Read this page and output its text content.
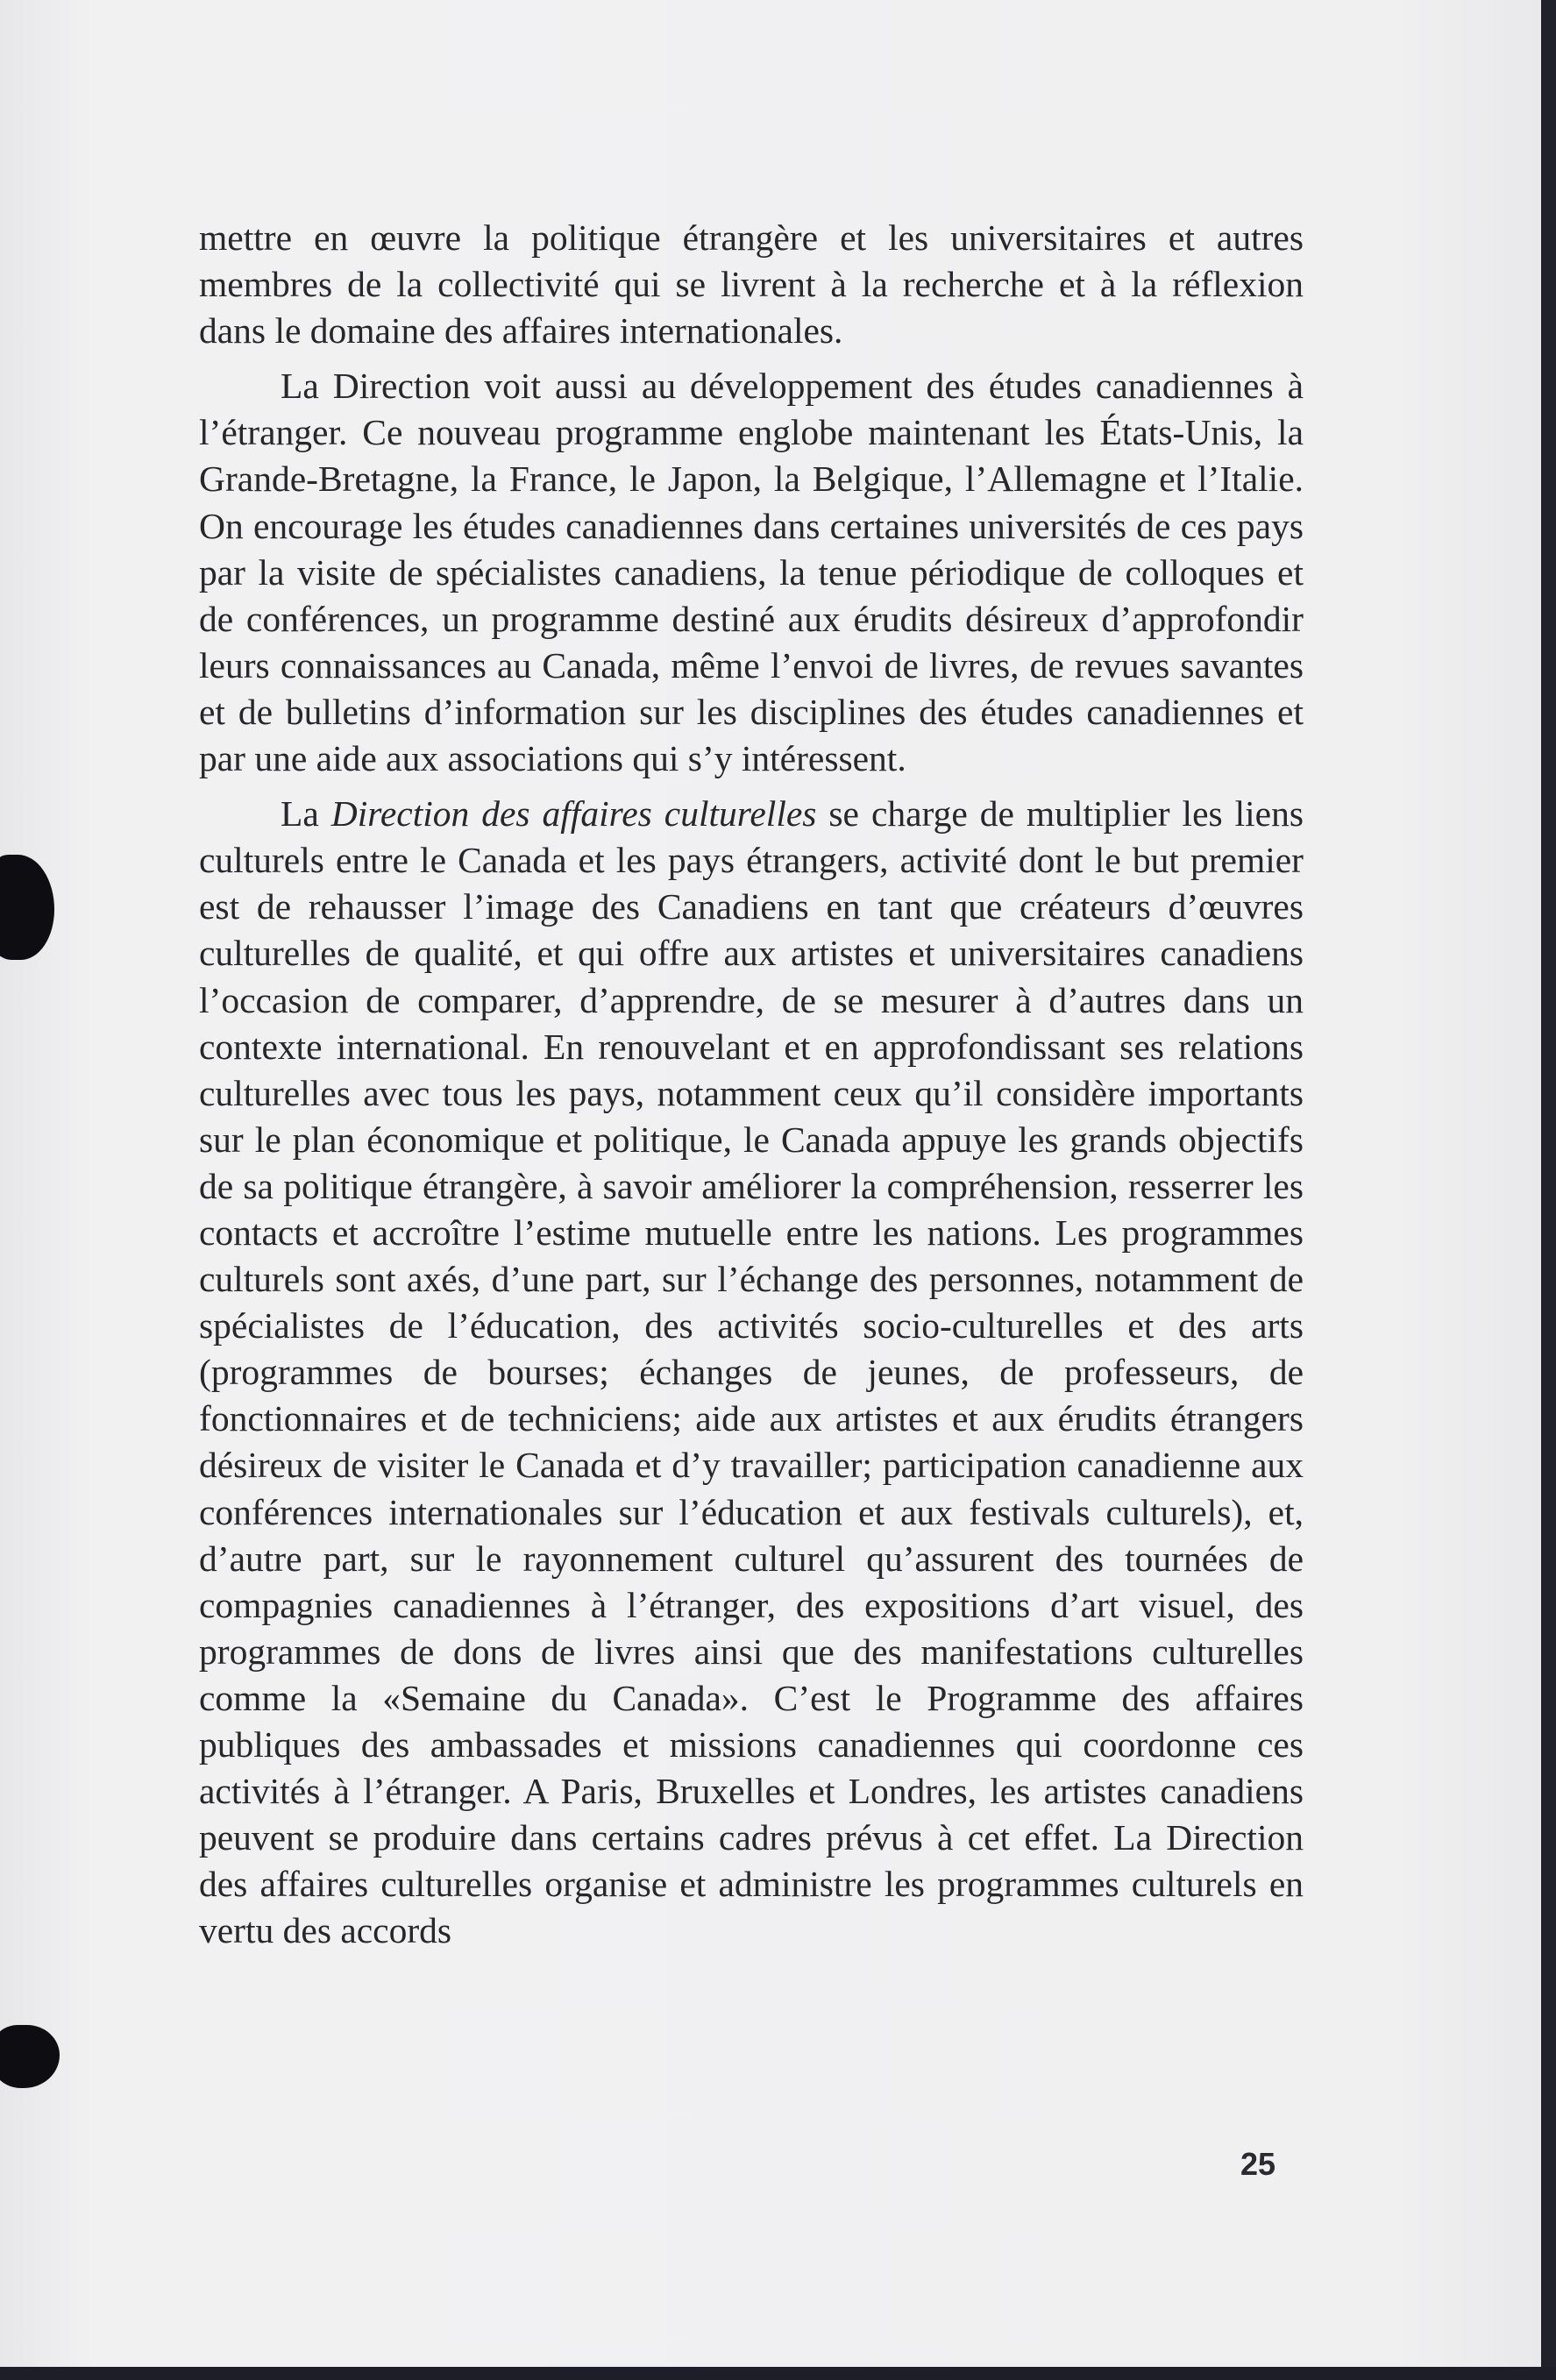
mettre en œuvre la politique étrangère et les universitaires et autres membres de la collectivité qui se livrent à la recherche et à la réflexion dans le domaine des affaires internationales.

La Direction voit aussi au développement des études canadiennes à l’étranger. Ce nouveau programme englobe maintenant les États-Unis, la Grande-Bretagne, la France, le Japon, la Belgique, l’Allemagne et l’Italie. On encourage les études canadiennes dans certaines universités de ces pays par la visite de spécialistes canadiens, la tenue périodique de colloques et de conférences, un programme destiné aux érudits désireux d’approfondir leurs connaissances au Canada, même l’envoi de livres, de revues savantes et de bulletins d’information sur les disciplines des études canadiennes et par une aide aux associations qui s’y intéressent.

La Direction des affaires culturelles se charge de multiplier les liens culturels entre le Canada et les pays étrangers, activité dont le but premier est de rehausser l’image des Canadiens en tant que créateurs d’œuvres culturelles de qualité, et qui offre aux artistes et universitaires canadiens l’occasion de comparer, d’apprendre, de se mesurer à d’autres dans un contexte international. En renouvelant et en approfondissant ses relations culturelles avec tous les pays, notamment ceux qu’il considère importants sur le plan économique et politique, le Canada appuye les grands objectifs de sa politique étrangère, à savoir améliorer la compréhension, resserrer les contacts et accroître l’estime mutuelle entre les nations. Les programmes culturels sont axés, d’une part, sur l’échange des personnes, notamment de spécialistes de l’éducation, des activités socio-culturelles et des arts (programmes de bourses; échanges de jeunes, de professeurs, de fonctionnaires et de techniciens; aide aux artistes et aux érudits étrangers désireux de visiter le Canada et d’y travailler; participation canadienne aux conférences internationales sur l’éducation et aux festivals culturels), et, d’autre part, sur le rayonnement culturel qu’assurent des tournées de compagnies canadiennes à l’étranger, des expositions d’art visuel, des programmes de dons de livres ainsi que des manifestations culturelles comme la «Semaine du Canada». C’est le Programme des affaires publiques des ambassades et missions canadiennes qui coordonne ces activités à l’étranger. A Paris, Bruxelles et Londres, les artistes canadiens peuvent se produire dans certains cadres prévus à cet effet. La Direction des affaires culturelles organise et administre les programmes culturels en vertu des accords

25
